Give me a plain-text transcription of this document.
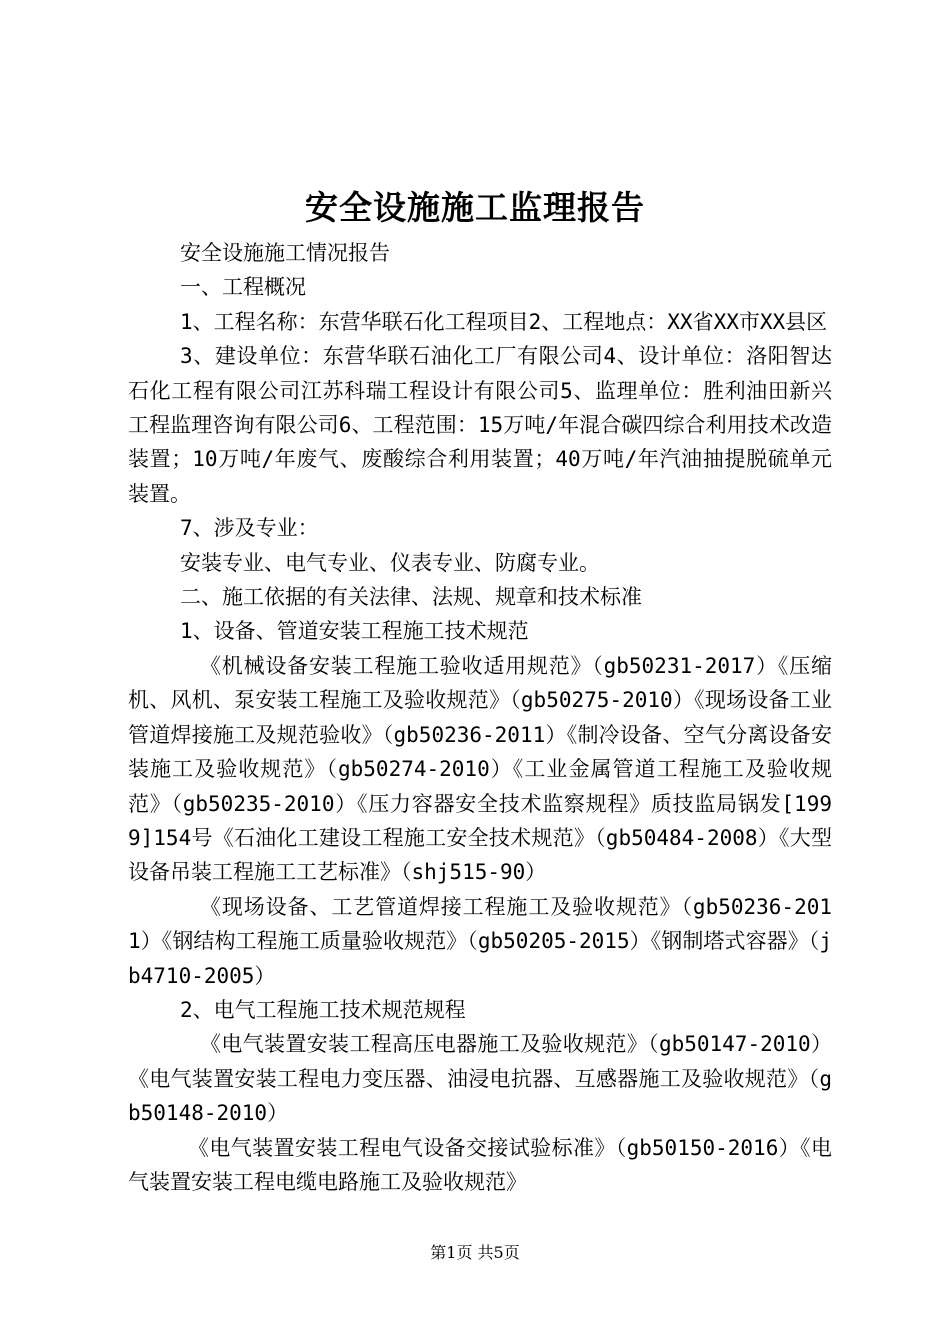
安全设施施工监理报告

安全设施施工情况报告

一、工程概况

1、工程名称：东营华联石化工程项目2、工程地点：XX省XX市XX县区

3、建设单位：东营华联石油化工厂有限公司4、设计单位：洛阳智达石化工程有限公司江苏科瑞工程设计有限公司5、监理单位：胜利油田新兴工程监理咨询有限公司6、工程范围：15万吨/年混合碳四综合利用技术改造装置；10万吨/年废气、废酸综合利用装置；40万吨/年汽油抽提脱硫单元装置。

7、涉及专业：

安装专业、电气专业、仪表专业、防腐专业。

二、施工依据的有关法律、法规、规章和技术标准

1、设备、管道安装工程施工技术规范

《机械设备安装工程施工验收适用规范》（gb50231-2017）《压缩机、风机、泵安装工程施工及验收规范》（gb50275-2010）《现场设备工业管道焊接施工及规范验收》（gb50236-2011）《制冷设备、空气分离设备安装施工及验收规范》（gb50274-2010）《工业金属管道工程施工及验收规范》（gb50235-2010）《压力容器安全技术监察规程》质技监局锅发[1999]154号《石油化工建设工程施工安全技术规范》（gb50484-2008）《大型设备吊装工程施工工艺标准》（shj515-90）

《现场设备、工艺管道焊接工程施工及验收规范》（gb50236-2011）《钢结构工程施工质量验收规范》（gb50205-2015）《钢制塔式容器》（jb4710-2005）

2、电气工程施工技术规范规程

《电气装置安装工程高压电器施工及验收规范》（gb50147-2010）《电气装置安装工程电力变压器、油浸电抗器、互感器施工及验收规范》（gb50148-2010）

《电气装置安装工程电气设备交接试验标准》（gb50150-2016）《电气装置安装工程电缆电路施工及验收规范》

第1页 共5页
